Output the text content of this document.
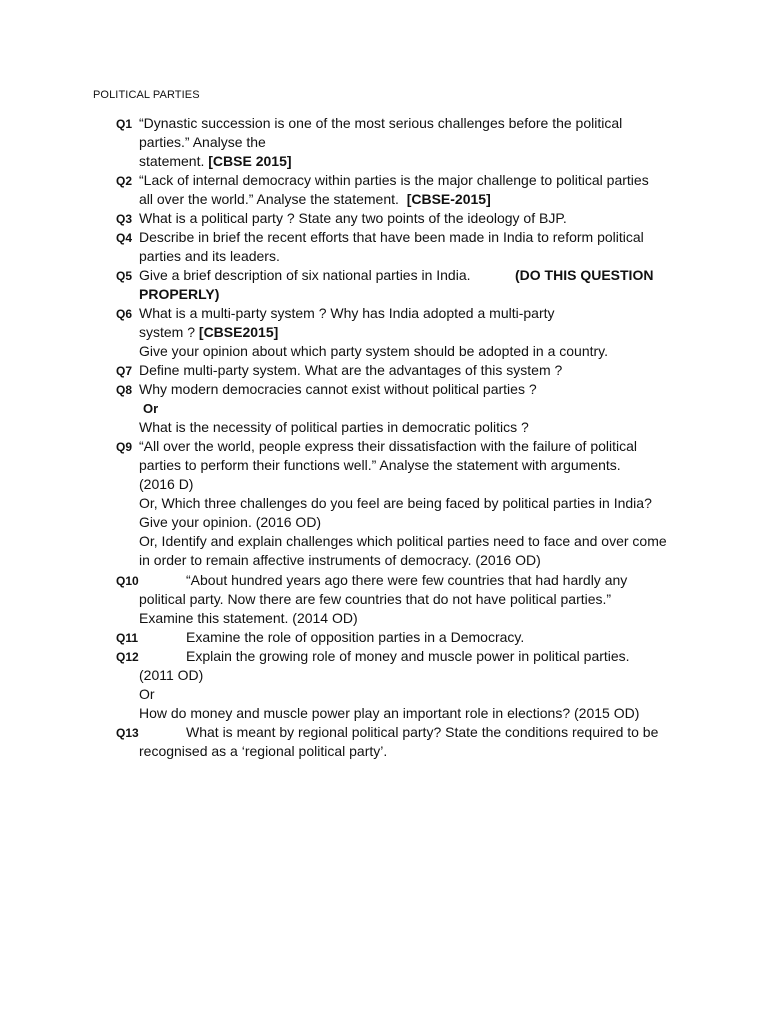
POLITICAL PARTIES
Q1 “Dynastic succession is one of the most serious challenges before the political
parties.” Analyse the
statement. [CBSE 2015]
Q2 “Lack of internal democracy within parties is the major challenge to political parties
all over the world.” Analyse the statement. [CBSE-2015]
Q3 What is a political party ? State any two points of the ideology of BJP.
Q4 Describe in brief the recent efforts that have been made in India to reform political
parties and its leaders.
Q5 Give a brief description of six national parties in India.	(DO THIS QUESTION
PROPERLY)
Q6 What is a multi-party system ? Why has India adopted a multi-party
system ? [CBSE2015]
Give your opinion about which party system should be adopted in a country.
Q7 Define multi-party system. What are the advantages of this system ?
Q8 Why modern democracies cannot exist without political parties ?
Or
What is the necessity of political parties in democratic politics ?
Q9 “All over the world, people express their dissatisfaction with the failure of political
parties to perform their functions well.” Analyse the statement with arguments.
(2016 D)
Or, Which three challenges do you feel are being faced by political parties in India?
Give your opinion. (2016 OD)
Or, Identify and explain challenges which political parties need to face and over come
in order to remain affective instruments of democracy. (2016 OD)
Q10	“About hundred years ago there were few countries that had hardly any
political party. Now there are few countries that do not have political parties.”
Examine this statement. (2014 OD)
Q11	Examine the role of opposition parties in a Democracy.
Q12	Explain the growing role of money and muscle power in political parties.
(2011 OD)
Or
How do money and muscle power play an important role in elections? (2015 OD)
Q13	What is meant by regional political party? State the conditions required to be
recognised as a ‘regional political party’.
